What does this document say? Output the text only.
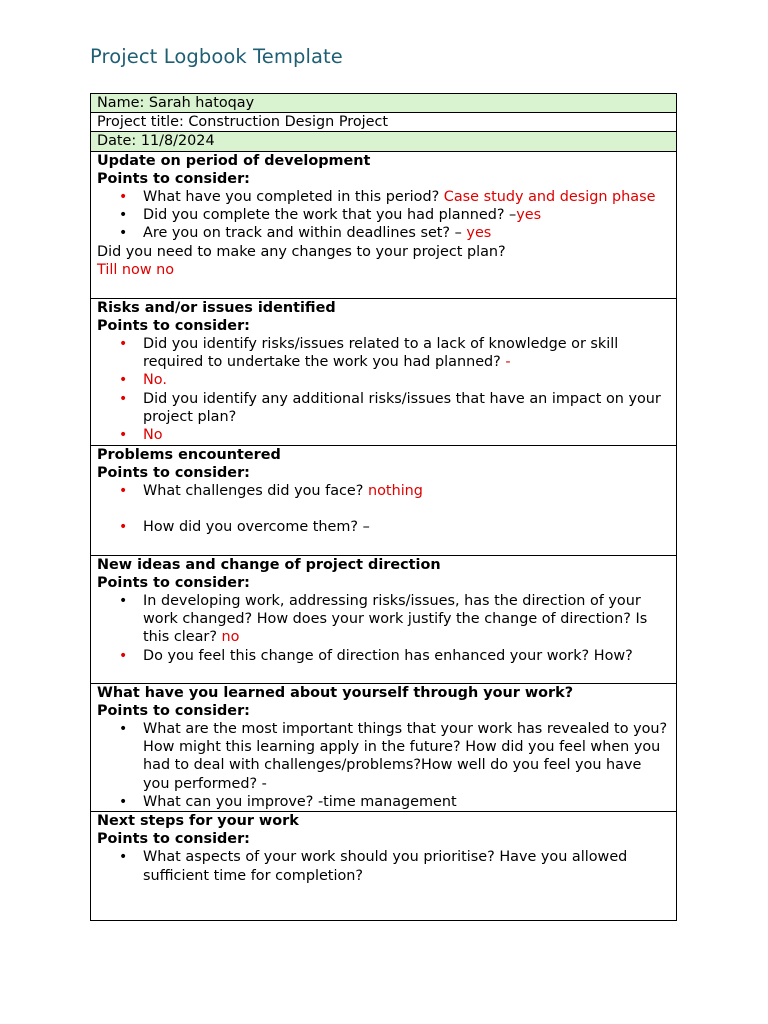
Project Logbook Template
Name: Sarah hatoqay
Project title: Construction Design Project
Date: 11/8/2024

Update on period of development
Points to consider:
• What have you completed in this period? Case study and design phase
• Did you complete the work that you had planned? –yes
• Are you on track and within deadlines set? – yes
Did you need to make any changes to your project plan?
Till now no

Risks and/or issues identified
Points to consider:
• Did you identify risks/issues related to a lack of knowledge or skill required to undertake the work you had planned? -
• No.
• Did you identify any additional risks/issues that have an impact on your project plan?
• No

Problems encountered
Points to consider:
• What challenges did you face? nothing
• How did you overcome them? –

New ideas and change of project direction
Points to consider:
• In developing work, addressing risks/issues, has the direction of your work changed? How does your work justify the change of direction? Is this clear? no
• Do you feel this change of direction has enhanced your work? How?

What have you learned about yourself through your work?
Points to consider:
• What are the most important things that your work has revealed to you? How might this learning apply in the future? How did you feel when you had to deal with challenges/problems?How well do you feel you have you performed? -
• What can you improve? -time management

Next steps for your work
Points to consider:
• What aspects of your work should you prioritise? Have you allowed sufficient time for completion?
